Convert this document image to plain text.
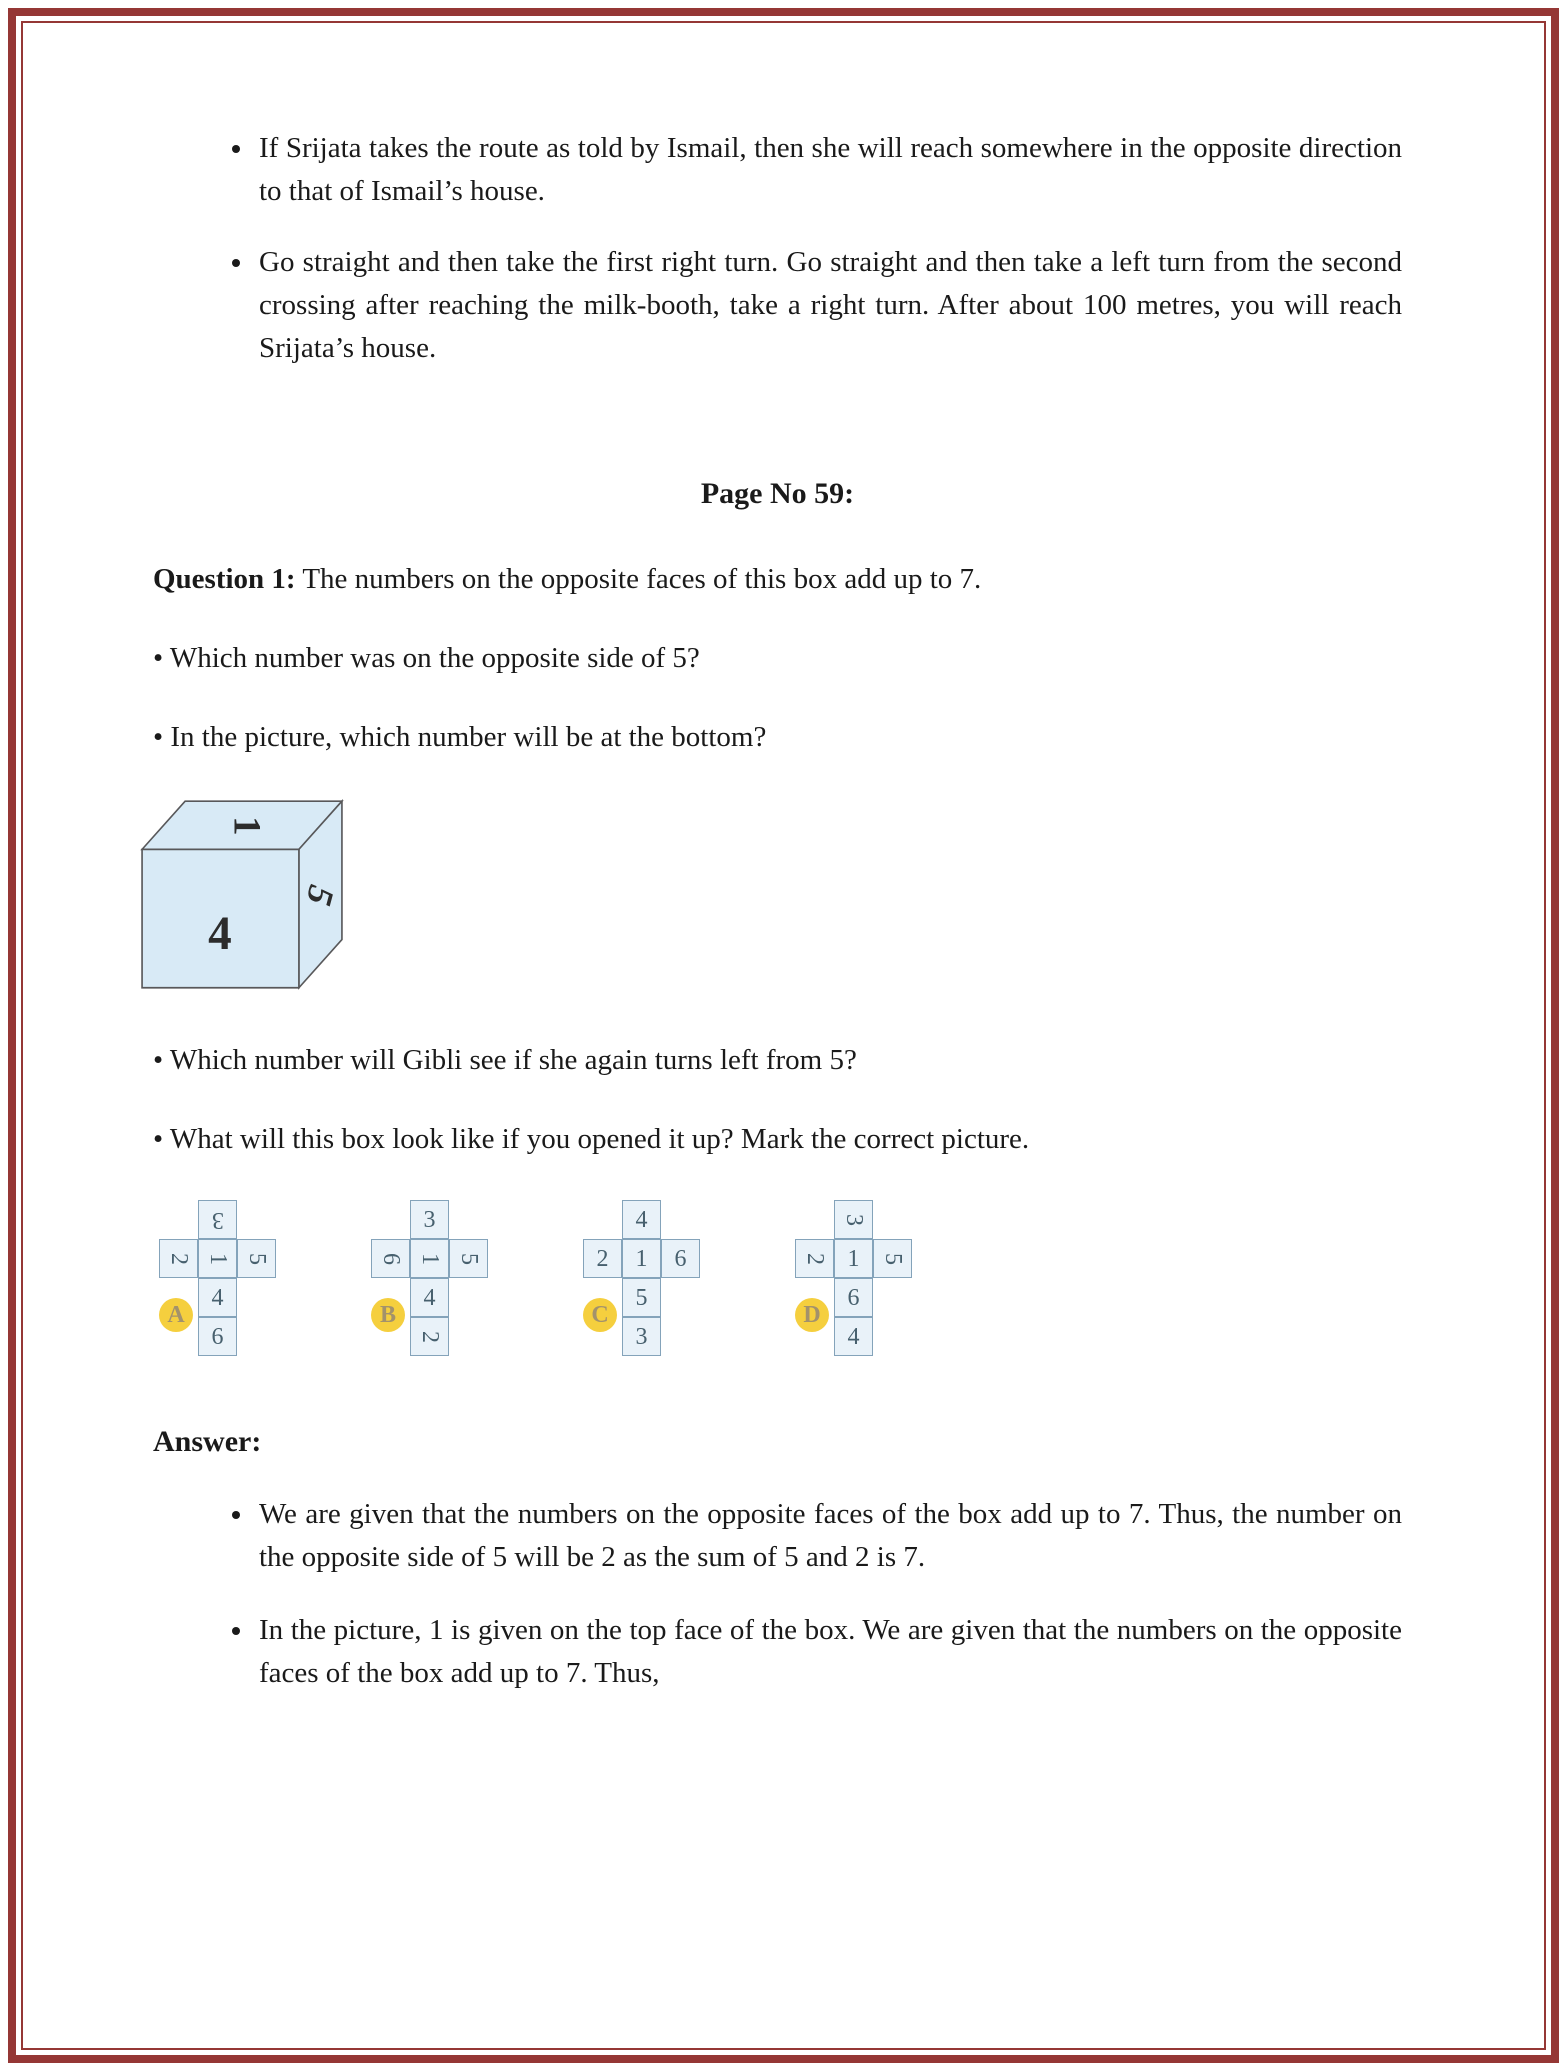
• If Srijata takes the route as told by Ismail, then she will reach somewhere in the opposite direction to that of Ismail’s house.
• Go straight and then take the first right turn. Go straight and then take a left turn from the second crossing after reaching the milk-booth, take a right turn. After about 100 metres, you will reach Srijata’s house.
Page No 59:

Question 1: The numbers on the opposite faces of this box add up to 7.

• Which number was on the opposite side of 5?

• In the picture, which number will be at the bottom?

1
4
5

• Which number will Gibli see if she again turns left from 5?

• What will this box look like if you opened it up? Mark the correct picture.

3
2 1 5
4
6
A
3
6 1 5
4
2
B
4
2 1 6
5
3
C
3
2 1 5
6
4
D
Answer:
• We are given that the numbers on the opposite faces of the box add up to 7. Thus, the number on the opposite side of 5 will be 2 as the sum of 5 and 2 is 7.
• In the picture, 1 is given on the top face of the box. We are given that the numbers on the opposite faces of the box add up to 7. Thus,
